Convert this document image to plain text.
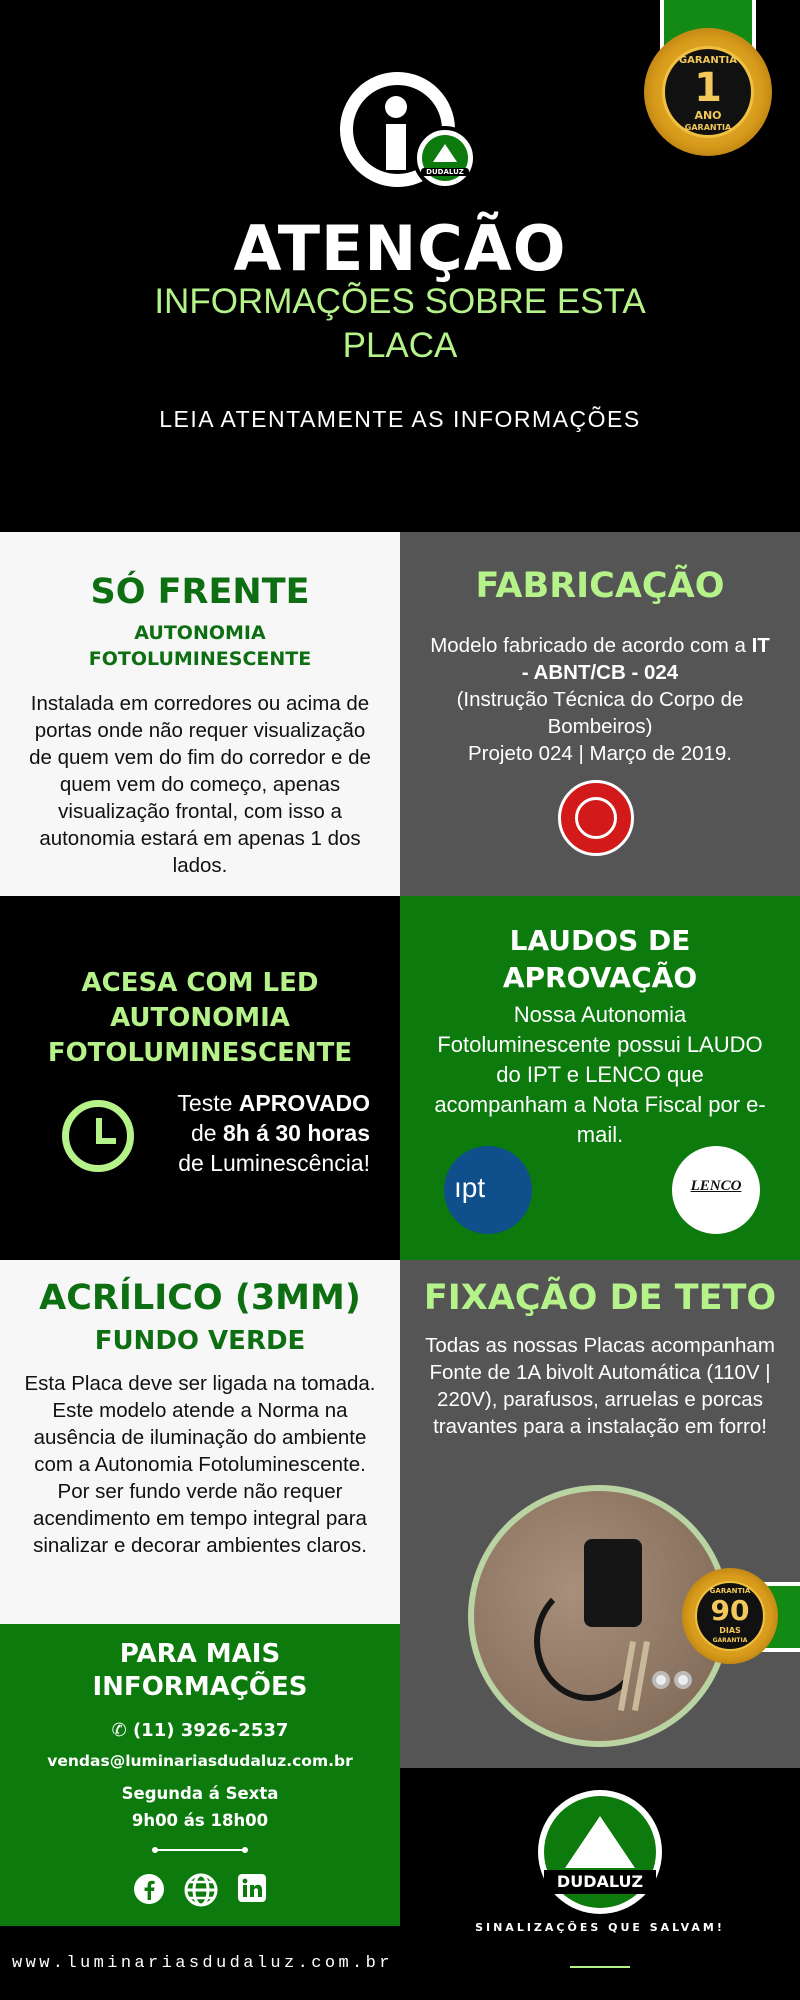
DUDALUZ
GARANTIA
1
ANO
GARANTIA
ATENÇÃO
INFORMAÇÕES SOBRE ESTA PLACA
LEIA ATENTAMENTE AS INFORMAÇÕES
SÓ FRENTE
AUTONOMIA FOTOLUMINESCENTE
Instalada em corredores ou acima de portas onde não requer visualização de quem vem do fim do corredor e de quem vem do começo, apenas visualização frontal, com isso a autonomia estará em apenas 1 dos lados.
FABRICAÇÃO
Modelo fabricado de acordo com a IT - ABNT/CB - 024
(Instrução Técnica do Corpo de Bombeiros)
Projeto 024 | Março de 2019.
ACESA COM LED AUTONOMIA FOTOLUMINESCENTE
Teste APROVADO
de 8h á 30 horas
de Luminescência!
LAUDOS DE APROVAÇÃO
Nossa Autonomia Fotoluminescente possui LAUDO do IPT e LENCO que acompanham a Nota Fiscal por e-mail.
ıpt	LENCO
ACRÍLICO (3MM)
FUNDO VERDE
Esta Placa deve ser ligada na tomada. Este modelo atende a Norma na ausência de iluminação do ambiente com a Autonomia Fotoluminescente. Por ser fundo verde não requer acendimento em tempo integral para sinalizar e decorar ambientes claros.
FIXAÇÃO DE TETO
Todas as nossas Placas acompanham Fonte de 1A bivolt Automática (110V | 220V), parafusos, arruelas e porcas travantes para a instalação em forro!
GARANTIA
90
DIAS
GARANTIA
PARA MAIS INFORMAÇÕES
✆ (11) 3926-2537
vendas@luminariasdudaluz.com.br
Segunda á Sexta
9h00 ás 18h00
DUDALUZ
SINALIZAÇÕES QUE SALVAM!
www.luminariasdudaluz.com.br
